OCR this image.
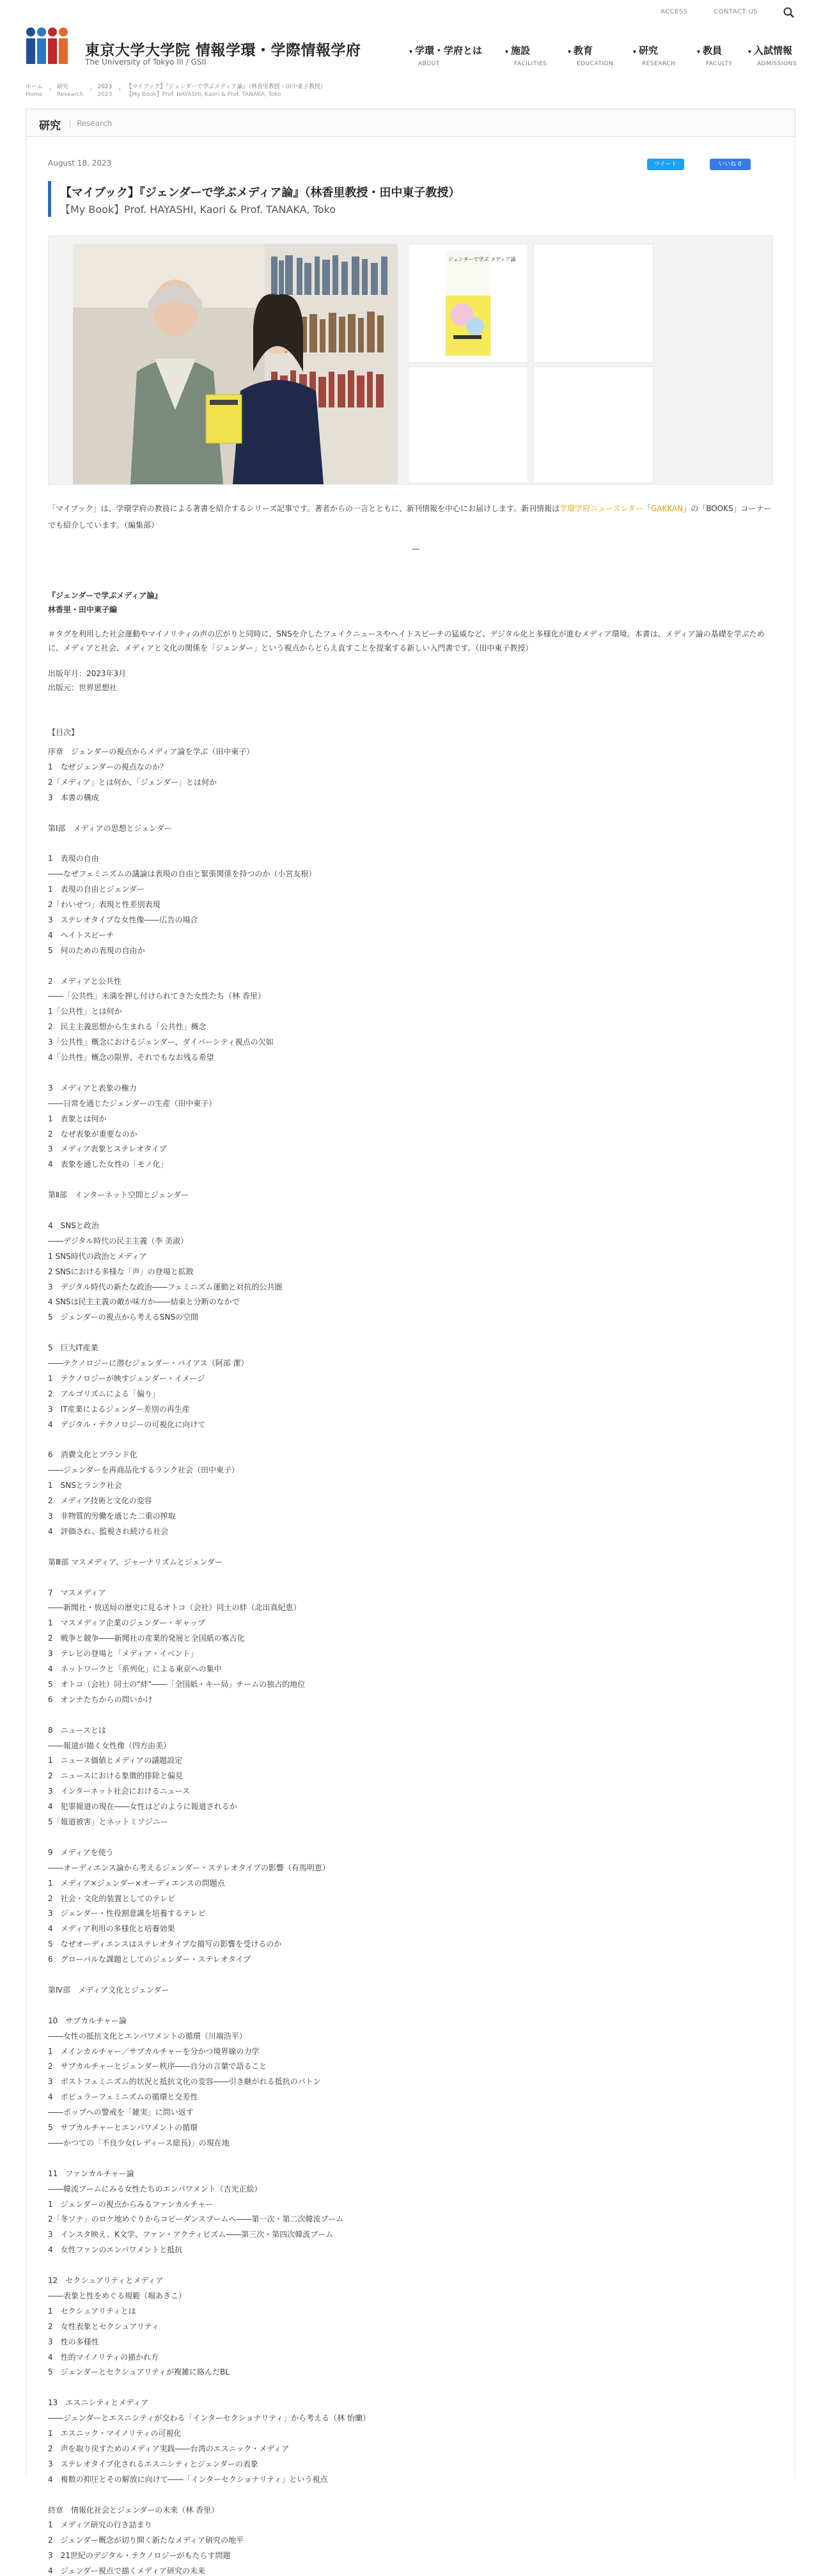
ACCESS	CONTACT US
東京大学大学院 情報学環・学際情報学府
The University of Tokyo III / GSII
▾ 学環・学府とは
ABOUT
▾ 施設
FACILITIES
▾ 教育
EDUCATION
▾ 研究
RESEARCH
▾ 教員
FACULTY
▾ 入試情報
ADMISSIONS
ホーム
Home
›
研究
Research
›
2023
2023
›
【マイブック】『ジェンダーで学ぶメディア論』（林香里教授・田中東子教授）
【My Book】Prof. HAYASHI, Kaori & Prof. TANAKA, Toko
研究	Research
August 18, 2023	ツイート	いいね 0
【マイブック】『ジェンダーで学ぶメディア論』（林香里教授・田中東子教授）
【My Book】Prof. HAYASHI, Kaori & Prof. TANAKA, Toko
ジェンダーで学ぶ メディア論
「マイブック」は、学環学府の教員による著書を紹介するシリーズ記事です。著者からの一言とともに、新刊情報を中心にお届けします。新刊情報は学環学府ニューズレター「GAKKAN」の「BOOKS」コーナーでも紹介しています。（編集部）
『ジェンダーで学ぶメディア論』
林香里・田中東子編
＃タグを利用した社会運動やマイノリティの声の広がりと同時に、SNSを介したフェイクニュースやヘイトスピーチの猛威など、デジタル化と多様化が進むメディア環境。本書は、メディア論の基礎を学ぶために、メディアと社会、メディアと文化の関係を「ジェンダー」という視点からとらえ直すことを提案する新しい入門書です。（田中東子教授）
出版年月：2023年3月
出版元：世界思想社
【目次】
序章　ジェンダーの視点からメディア論を学ぶ（田中東子）
1　なぜジェンダーの視点なのか？
2「メディア」とは何か、「ジェンダー」とは何か
3　本書の構成
第Ⅰ部　メディアの思想とジェンダー
1　表現の自由
――なぜフェミニズムの議論は表現の自由と緊張関係を持つのか（小宮友根）
1　表現の自由とジェンダー
2「わいせつ」表現と性差別表現
3　ステレオタイプな女性像――広告の場合
4　ヘイトスピーチ
5　何のための表現の自由か
2　メディアと公共性
――「公共性」未満を押し付けられてきた女性たち（林 香里）
1「公共性」とは何か
2　民主主義思想から生まれる「公共性」概念
3「公共性」概念におけるジェンダー、ダイバーシティ視点の欠如
4「公共性」概念の限界、それでもなお残る希望
3　メディアと表象の権力
――日常を通じたジェンダーの生産（田中東子）
1　表象とは何か
2　なぜ表象が重要なのか
3　メディア表象とステレオタイプ
4　表象を通した女性の「モノ化」
第Ⅱ部　インターネット空間とジェンダー
4　SNSと政治
――デジタル時代の民主主義（李 美淑）
1 SNS時代の政治とメディア
2 SNSにおける多様な「声」の登場と拡散
3　デジタル時代の新たな政治――フェミニズム運動と対抗的公共圏
4 SNSは民主主義の敵か味方か――結束と分断のなかで
5　ジェンダーの視点から考えるSNSの空間
5　巨大IT産業
――テクノロジーに潜むジェンダー・バイアス（阿部 潔）
1　テクノロジーが映すジェンダー・イメージ
2　アルゴリズムによる「偏り」
3　IT産業によるジェンダー差別の再生産
4　デジタル・テクノロジーの可視化に向けて
6　消費文化とブランド化
――ジェンダーを再商品化するランク社会（田中東子）
1　SNSとランク社会
2　メディア技術と文化の変容
3　非物質的労働を通じた二重の搾取
4　評価され、監視され続ける社会
第Ⅲ部 マスメディア、ジャーナリズムとジェンダー
7　マスメディア
――新聞社・放送局の歴史に見るオトコ（会社）同士の絆（北出真紀恵）
1　マスメディア企業のジェンダー・ギャップ
2　戦争と競争――新聞社の産業的発展と全国紙の寡占化
3　テレビの登場と「メディア・イベント」
4　ネットワークと「系列化」による東京への集中
5　オトコ（会社）同士の"絆"――「全国紙・キー局」チームの独占的地位
6　オンナたちからの問いかけ
8　ニュースとは
――報道が描く女性像（四方由美）
1　ニュース価値とメディアの議題設定
2　ニュースにおける象徴的排除と偏見
3　インターネット社会におけるニュース
4　犯罪報道の現在――女性はどのように報道されるか
5「報道被害」とネットミソジニー
9　メディアを使う
――オーディエンス論から考えるジェンダー・ステレオタイプの影響（有馬明恵）
1　メディア×ジェンダー×オーディエンスの問題点
2　社会・文化的装置としてのテレビ
3　ジェンダー・性役割意識を培養するテレビ
4　メディア利用の多様化と培養効果
5　なぜオーディエンスはステレオタイプな描写の影響を受けるのか
6　グローバルな課題としてのジェンダー・ステレオタイプ
第Ⅳ部　メディア文化とジェンダー
10　サブカルチャー論
――女性の抵抗文化とエンパワメントの循環（川端浩平）
1　メインカルチャー／サブカルチャーを分かつ境界線の力学
2　サブカルチャーとジェンダー秩序――自分の言葉で語ること
3　ポストフェミニズム的状況と抵抗文化の変容――引き継がれる抵抗のバトン
4　ポピュラーフェミニズムの循環と交差性
――ポップへの警戒を「雑実」に問い返す
5　サブカルチャーとエンパワメントの循環
――かつての「不良少女(レディース総長)」の現在地
11　ファンカルチャー論
――韓流ブームにみる女性たちのエンパワメント（吉光正絵）
1　ジェンダーの視点からみるファンカルチャー
2「冬ソナ」のロケ地めぐりからコピーダンスブームへ――第一次・第二次韓流ブーム
3　インスタ映え、K文学、ファン・アクティビズム――第三次・第四次韓流ブーム
4　女性ファンのエンパワメントと抵抗
12　セクシュアリティとメディア
――表象と性をめぐる規範（堀あきこ）
1　セクシュアリティとは
2　女性表象とセクシュアリティ
3　性の多様性
4　性的マイノリティの描かれ方
5　ジェンダーとセクシュアリティが複雑に絡んだBL
13　エスニシティとメディア
――ジェンダーとエスニシティが交わる「インターセクショナリティ」から考える（林 怡蘭）
1　エスニック・マイノリティの可視化
2　声を取り戻すためのメディア実践――台湾のエスニック・メディア
3　ステレオタイプ化されるエスニシティとジェンダーの表象
4　複数の抑圧とその解放に向けて――「インターセクショナリティ」という視点
終章　情報化社会とジェンダーの未来（林 香里）
1　メディア研究の行き詰まり
2　ジェンダー概念が切り開く新たなメディア研究の地平
3　21世紀のデジタル・テクノロジーがもたらす問題
4　ジェンダー視点で描くメディア研究の未来
